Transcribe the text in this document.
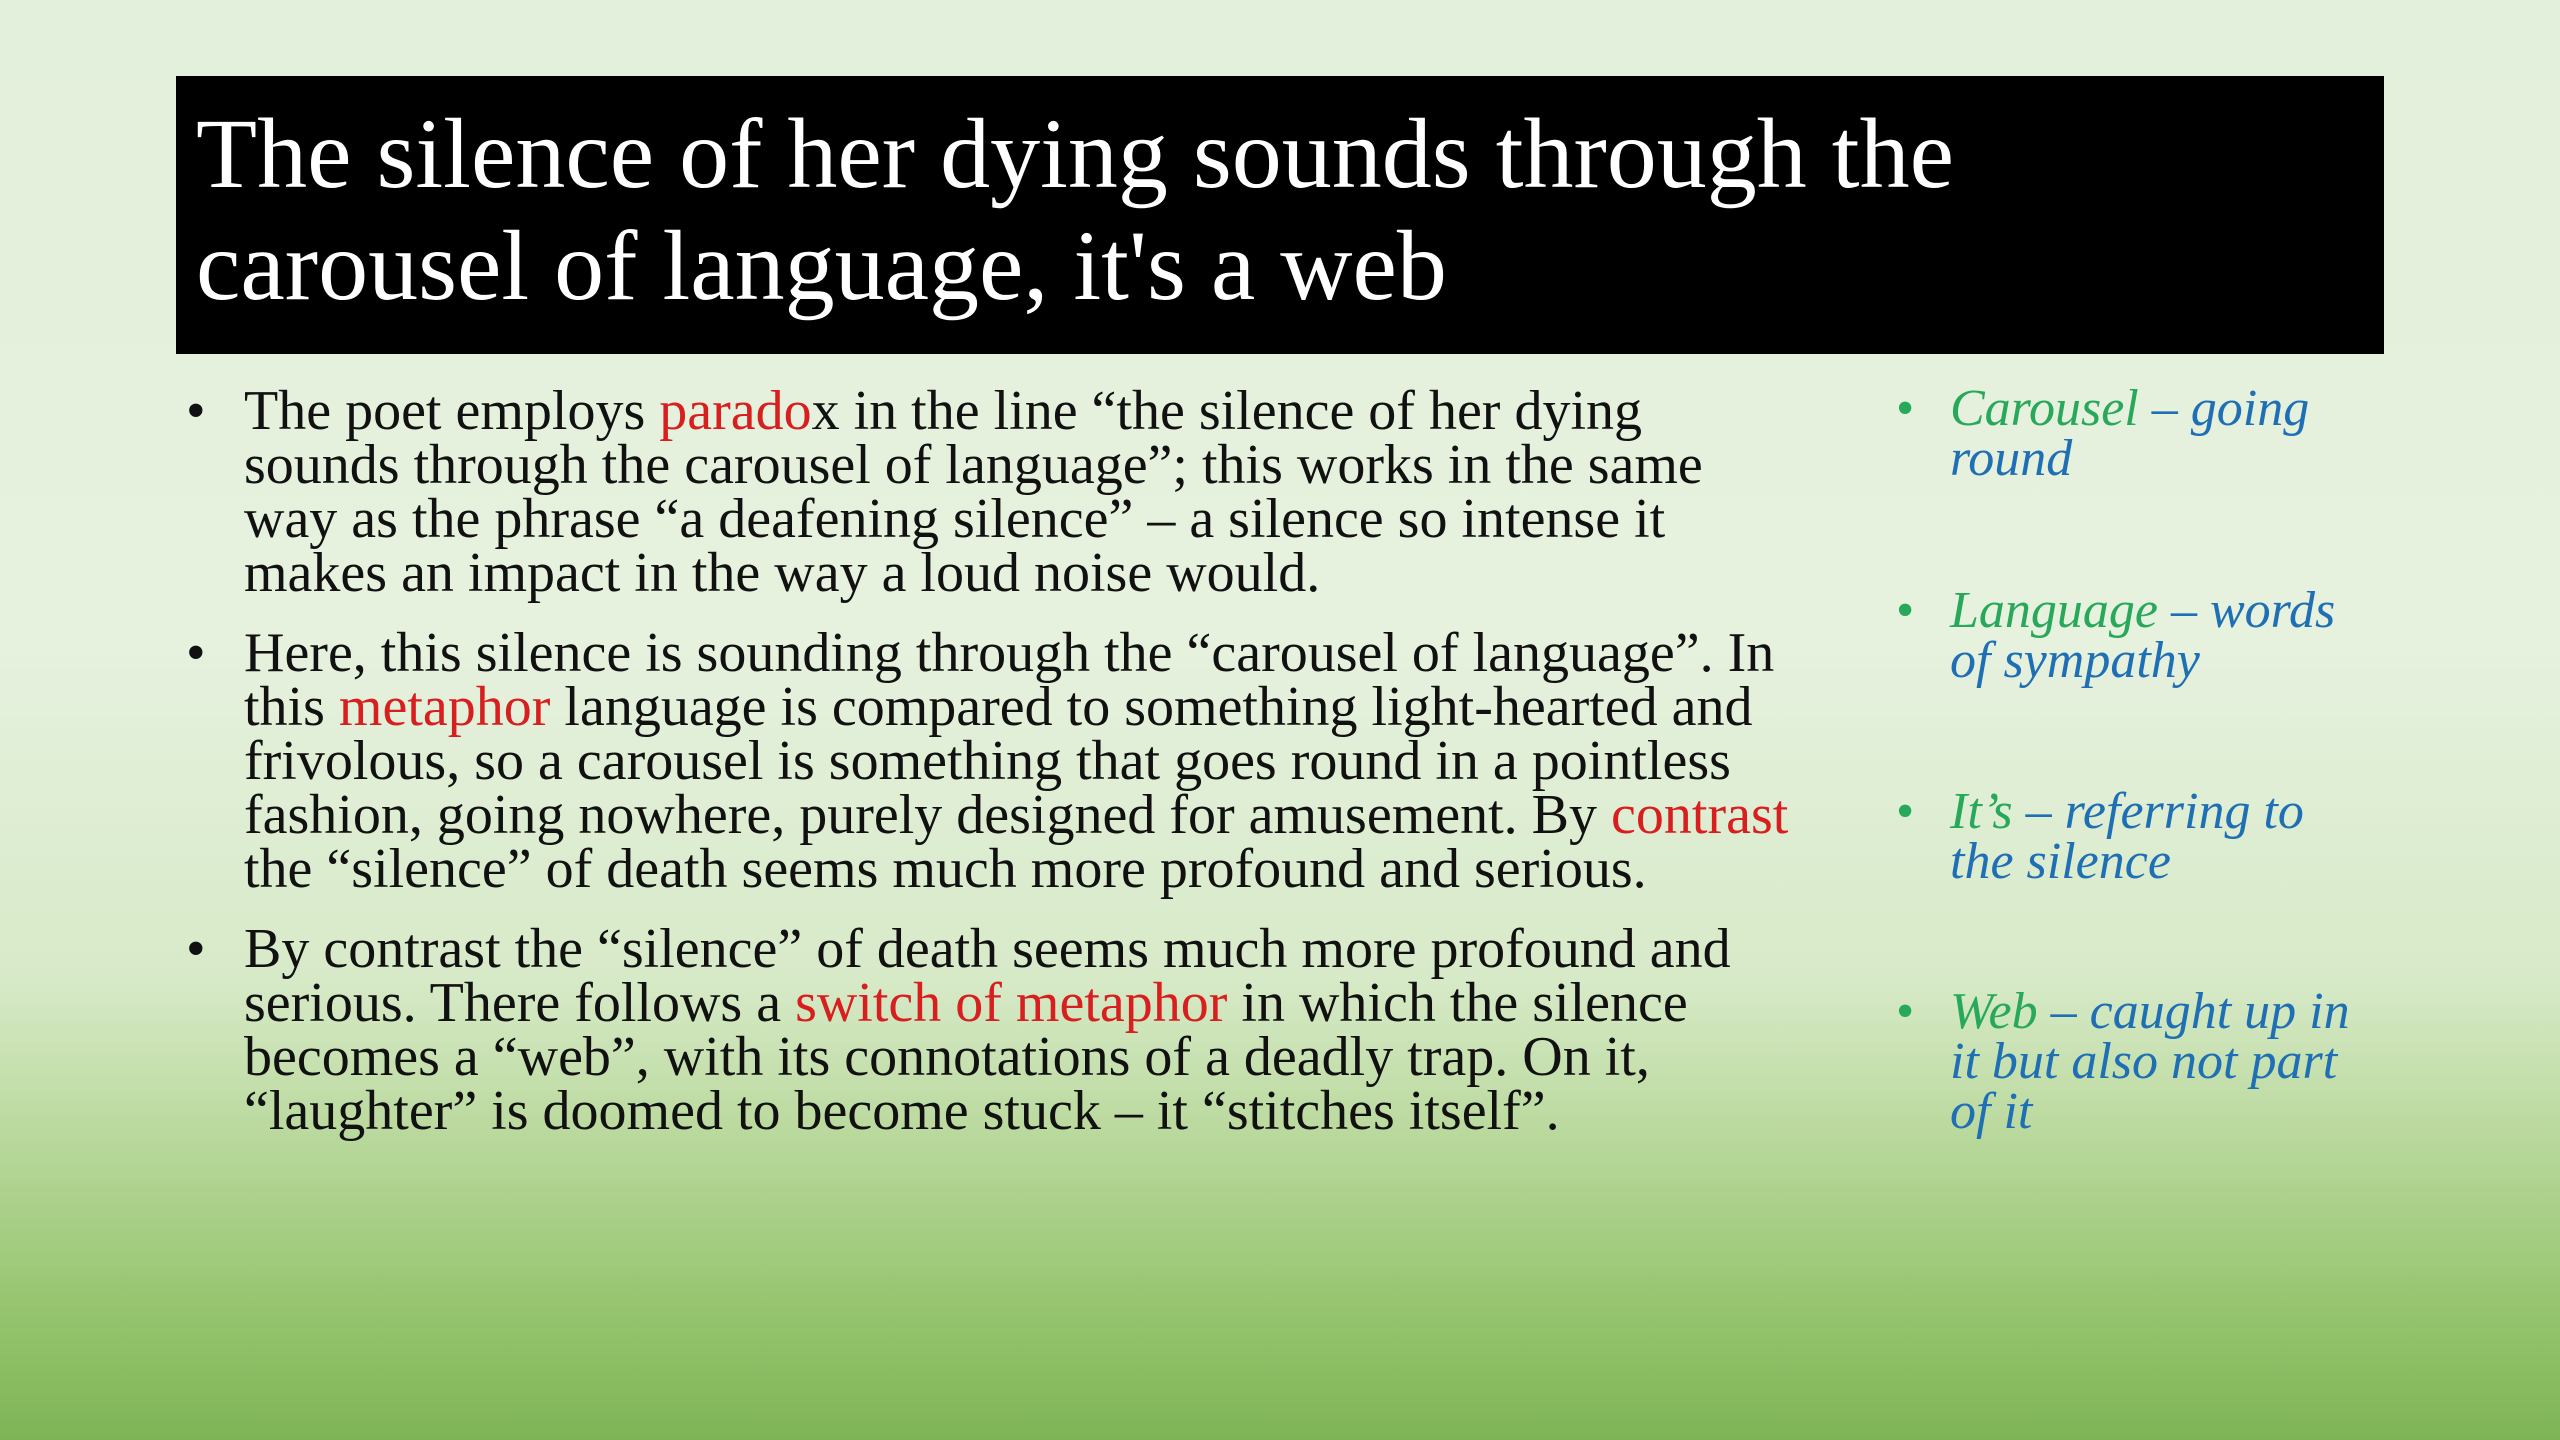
The silence of her dying sounds through the
carousel of language, it's a web
• The poet employs paradox in the line “the silence of her dying sounds through the carousel of language”; this works in the same way as the phrase “a deafening silence” – a silence so intense it makes an impact in the way a loud noise would.
• Here, this silence is sounding through the “carousel of language”. In this metaphor language is compared to something light-hearted and frivolous, so a carousel is something that goes round in a pointless fashion, going nowhere, purely designed for amusement. By contrast the “silence” of death seems much more profound and serious.
• By contrast the “silence” of death seems much more profound and serious. There follows a switch of metaphor in which the silence becomes a “web”, with its connotations of a deadly trap. On it, “laughter” is doomed to become stuck – it “stitches itself”.
• Carousel – going round
• Language – words of sympathy
• It’s – referring to the silence
• Web – caught up in it but also not part of it
